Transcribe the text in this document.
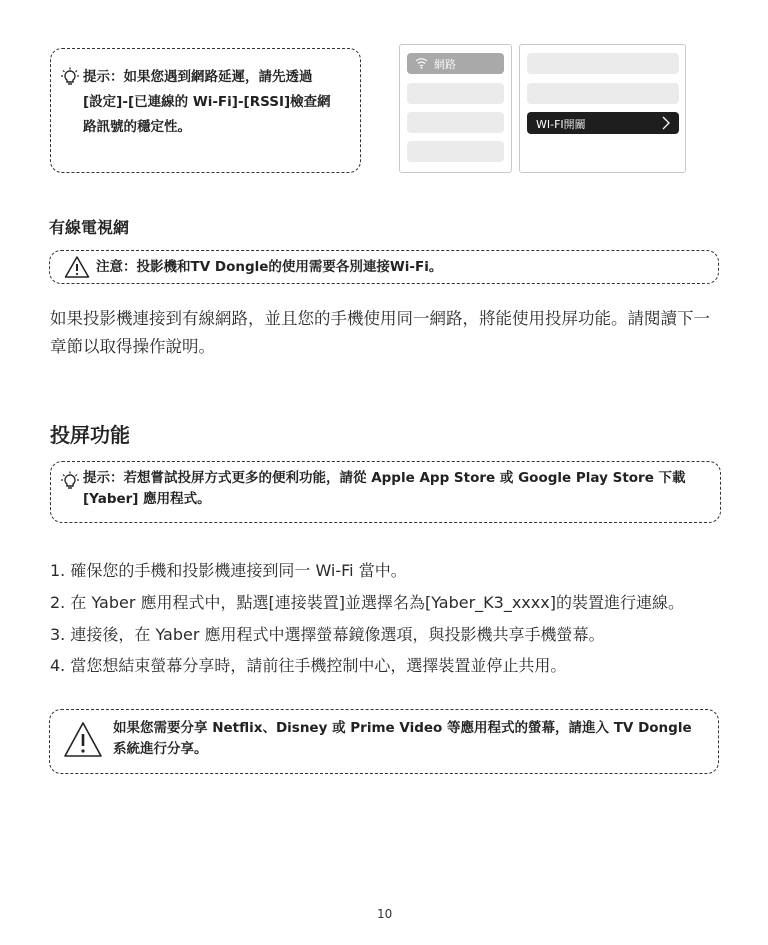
提示：如果您遇到網路延遲，請先透過
[設定]-[已連線的 Wi-Fi]-[RSSI]檢查網
路訊號的穩定性。
網路
WI-FI開關
有線電視網
注意：投影機和TV Dongle的使用需要各別連接Wi-Fi。
如果投影機連接到有線網路，並且您的手機使用同一網路，將能使用投屏功能。請閱讀下一
章節以取得操作說明。
投屏功能
提示：若想嘗試投屏方式更多的便利功能，請從 Apple App Store 或 Google Play Store 下載
[Yaber] 應用程式。
1. 確保您的手機和投影機連接到同一 Wi-Fi 當中。
2. 在 Yaber 應用程式中，點選[連接裝置]並選擇名為[Yaber_K3_xxxx]的裝置進行連線。
3. 連接後，在 Yaber 應用程式中選擇螢幕鏡像選項，與投影機共享手機螢幕。
4. 當您想結束螢幕分享時，請前往手機控制中心，選擇裝置並停止共用。
如果您需要分享 Netflix、Disney 或 Prime Video 等應用程式的螢幕，請進入 TV Dongle
系統進行分享。
10
